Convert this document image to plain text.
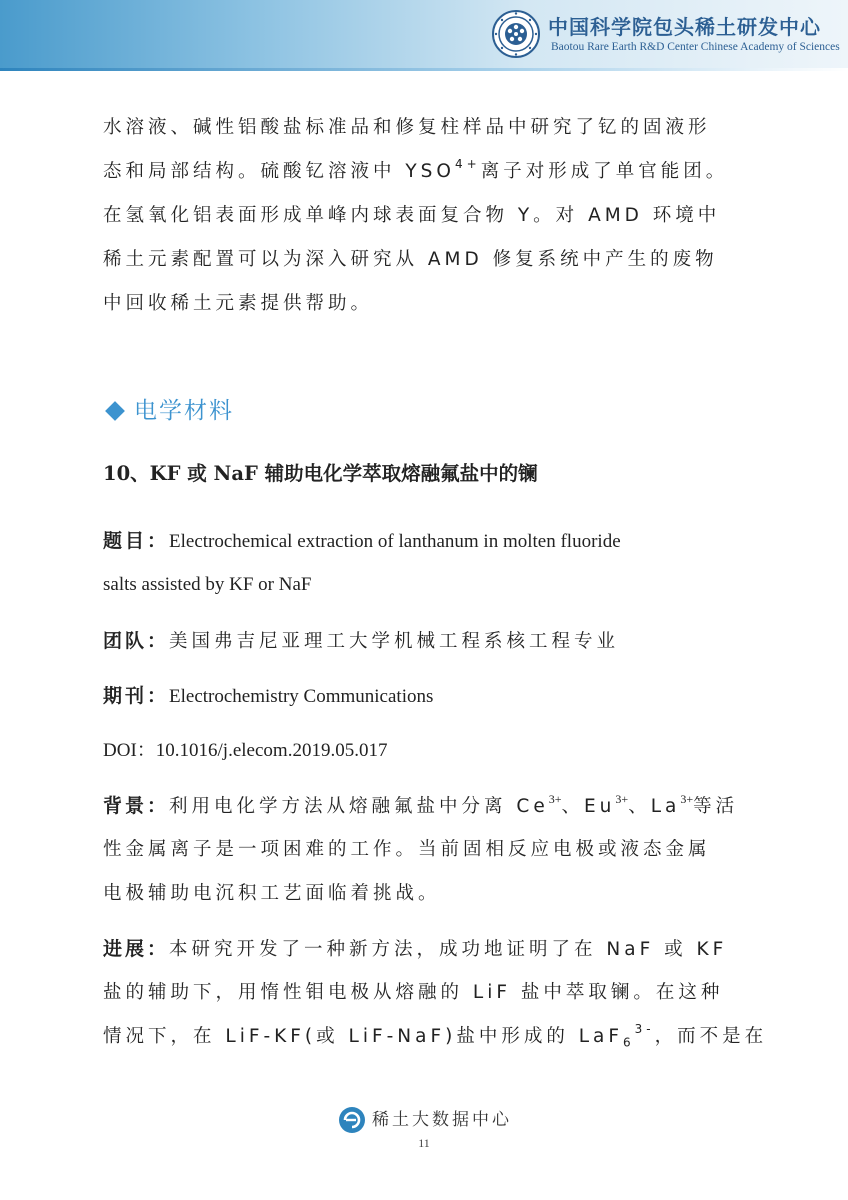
中国科学院包头稀土研发中心
Baotou Rare Earth R&D Center Chinese Academy of Sciences
水溶液、碱性铝酸盐标准品和修复柱样品中研究了钇的固液形
态和局部结构。硫酸钇溶液中 $YSO^{4+}$离子对形成了单官能团。
在氢氧化铝表面形成单峰内球表面复合物 Y。对 AMD 环境中
稀土元素配置可以为深入研究从 AMD 修复系统中产生的废物
中回收稀土元素提供帮助。
电学材料
10、KF 或 NaF 辅助电化学萃取熔融氟盐中的镧
题目：Electrochemical extraction of lanthanum in molten fluoride
salts assisted by KF or NaF
团队：美国弗吉尼亚理工大学机械工程系核工程专业
期刊：Electrochemistry Communications
DOI：10.1016/j.elecom.2019.05.017
背景：利用电化学方法从熔融氟盐中分离 $Ce^{3+}$、$Eu^{3+}$、$La^{3+}$等活
性金属离子是一项困难的工作。当前固相反应电极或液态金属
电极辅助电沉积工艺面临着挑战。
进展：本研究开发了一种新方法，成功地证明了在 NaF 或 KF
盐的辅助下，用惰性钼电极从熔融的 LiF 盐中萃取镧。在这种
情况下，在 LiF-KF(或 LiF-NaF)盐中形成的 LaF$_6^{3-}$，而不是在
稀土大数据中心
11
